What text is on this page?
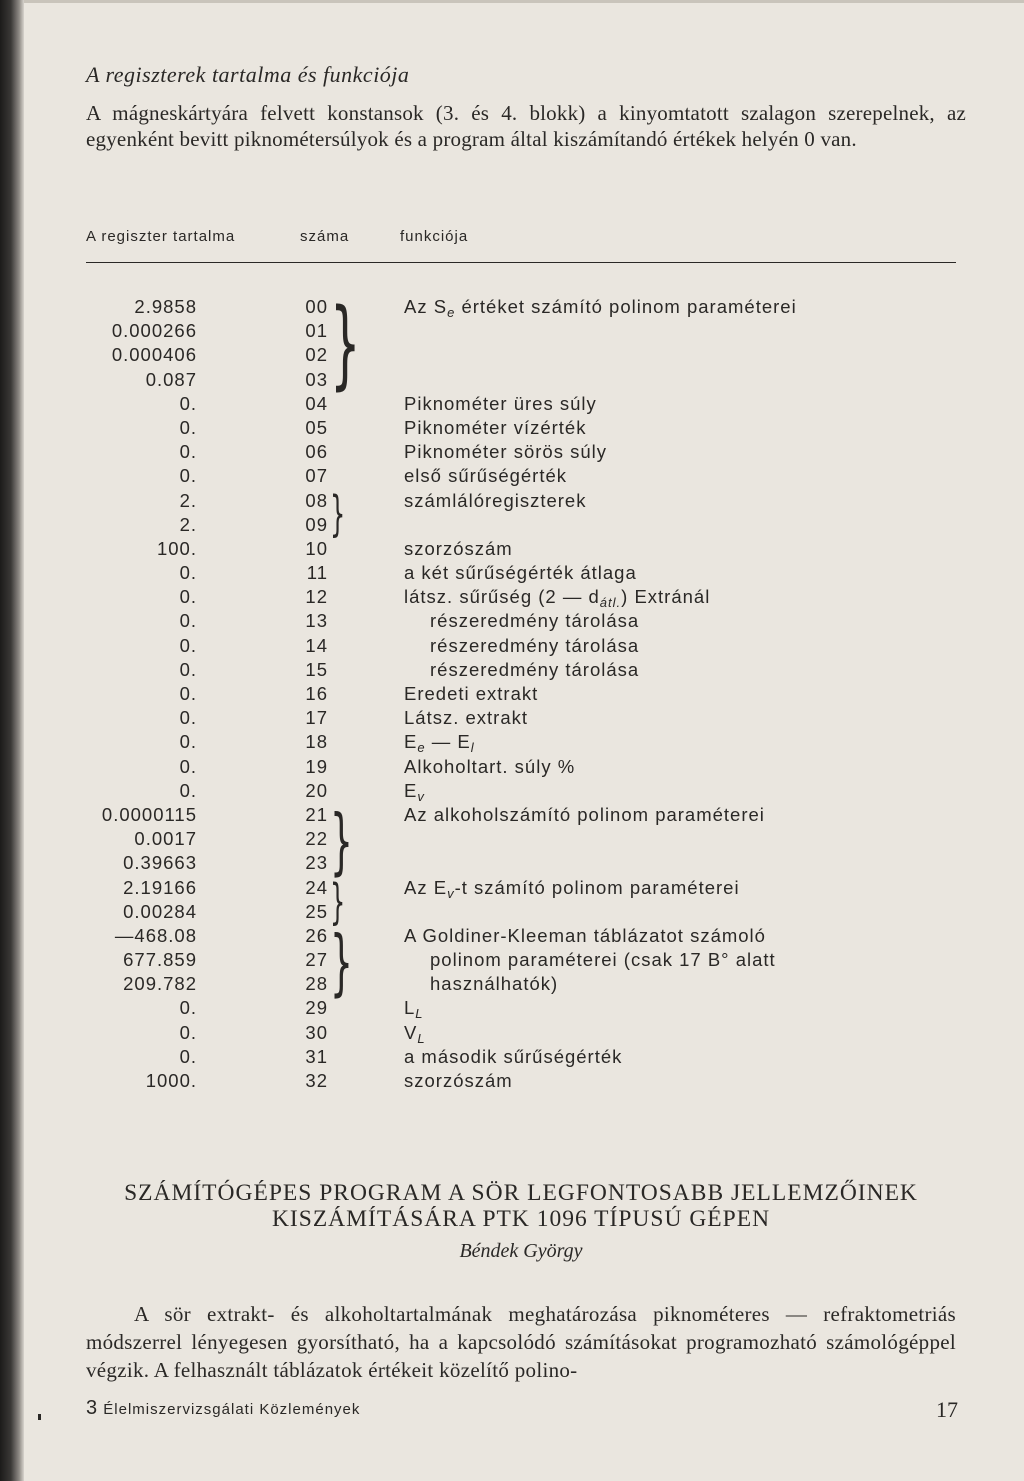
A regiszterek tartalma és funkciója

A mágneskártyára felvett konstansok (3. és 4. blokk) a kinyomtatott szalagon szerepelnek, az egyenként bevitt piknométersúlyok és a program által kiszámítandó értékek helyén 0 van.

A regiszter tartalma	száma	funkciója
2.9858	00	Az $S_e$ értéket számító polinom paraméterei
0.000266	01
0.000406	02
0.087	03
0.	04	Piknométer üres súly
0.	05	Piknométer vízérték
0.	06	Piknométer sörös súly
0.	07	első sűrűségérték
2.	08	számlálóregiszterek
2.	09
100.	10	szorzószám
0.	11	a két sűrűségérték átlaga
0.	12	látsz. sűrűség (2 — $d_{átl.}$) Extránál
0.	13	részeredmény tárolása
0.	14	részeredmény tárolása
0.	15	részeredmény tárolása
0.	16	Eredeti extrakt
0.	17	Látsz. extrakt
0.	18	$E_e$ — $E_l$
0.	19	Alkoholtart. súly %
0.	20	$E_v$
0.0000115	21	Az alkoholszámító polinom paraméterei
0.0017	22
0.39663	23
2.19166	24	Az $E_v-t$ számító polinom paraméterei
0.00284	25
—468.08	26	A Goldiner-Kleeman táblázatot számoló
677.859	27	polinom paraméterei (csak 17 B° alatt
209.782	28	használhatók)
0.	29	$L_L$
0.	30	$V_L$
0.	31	a második sűrűségérték
1000.	32	szorzószám
}
}
}
}
}
SZÁMÍTÓGÉPES PROGRAM A SÖR LEGFONTOSABB JELLEMZŐINEK
KISZÁMÍTÁSÁRA PTK 1096 TÍPUSÚ GÉPEN

Béndek György

A sör extrakt- és alkoholtartalmának meghatározása piknométeres — refraktometriás módszerrel lényegesen gyorsítható, ha a kapcsolódó számításokat programozható számológéppel végzik. A felhasznált táblázatok értékeit közelítő polino-

3 Élelmiszervizsgálati Közlemények	17
